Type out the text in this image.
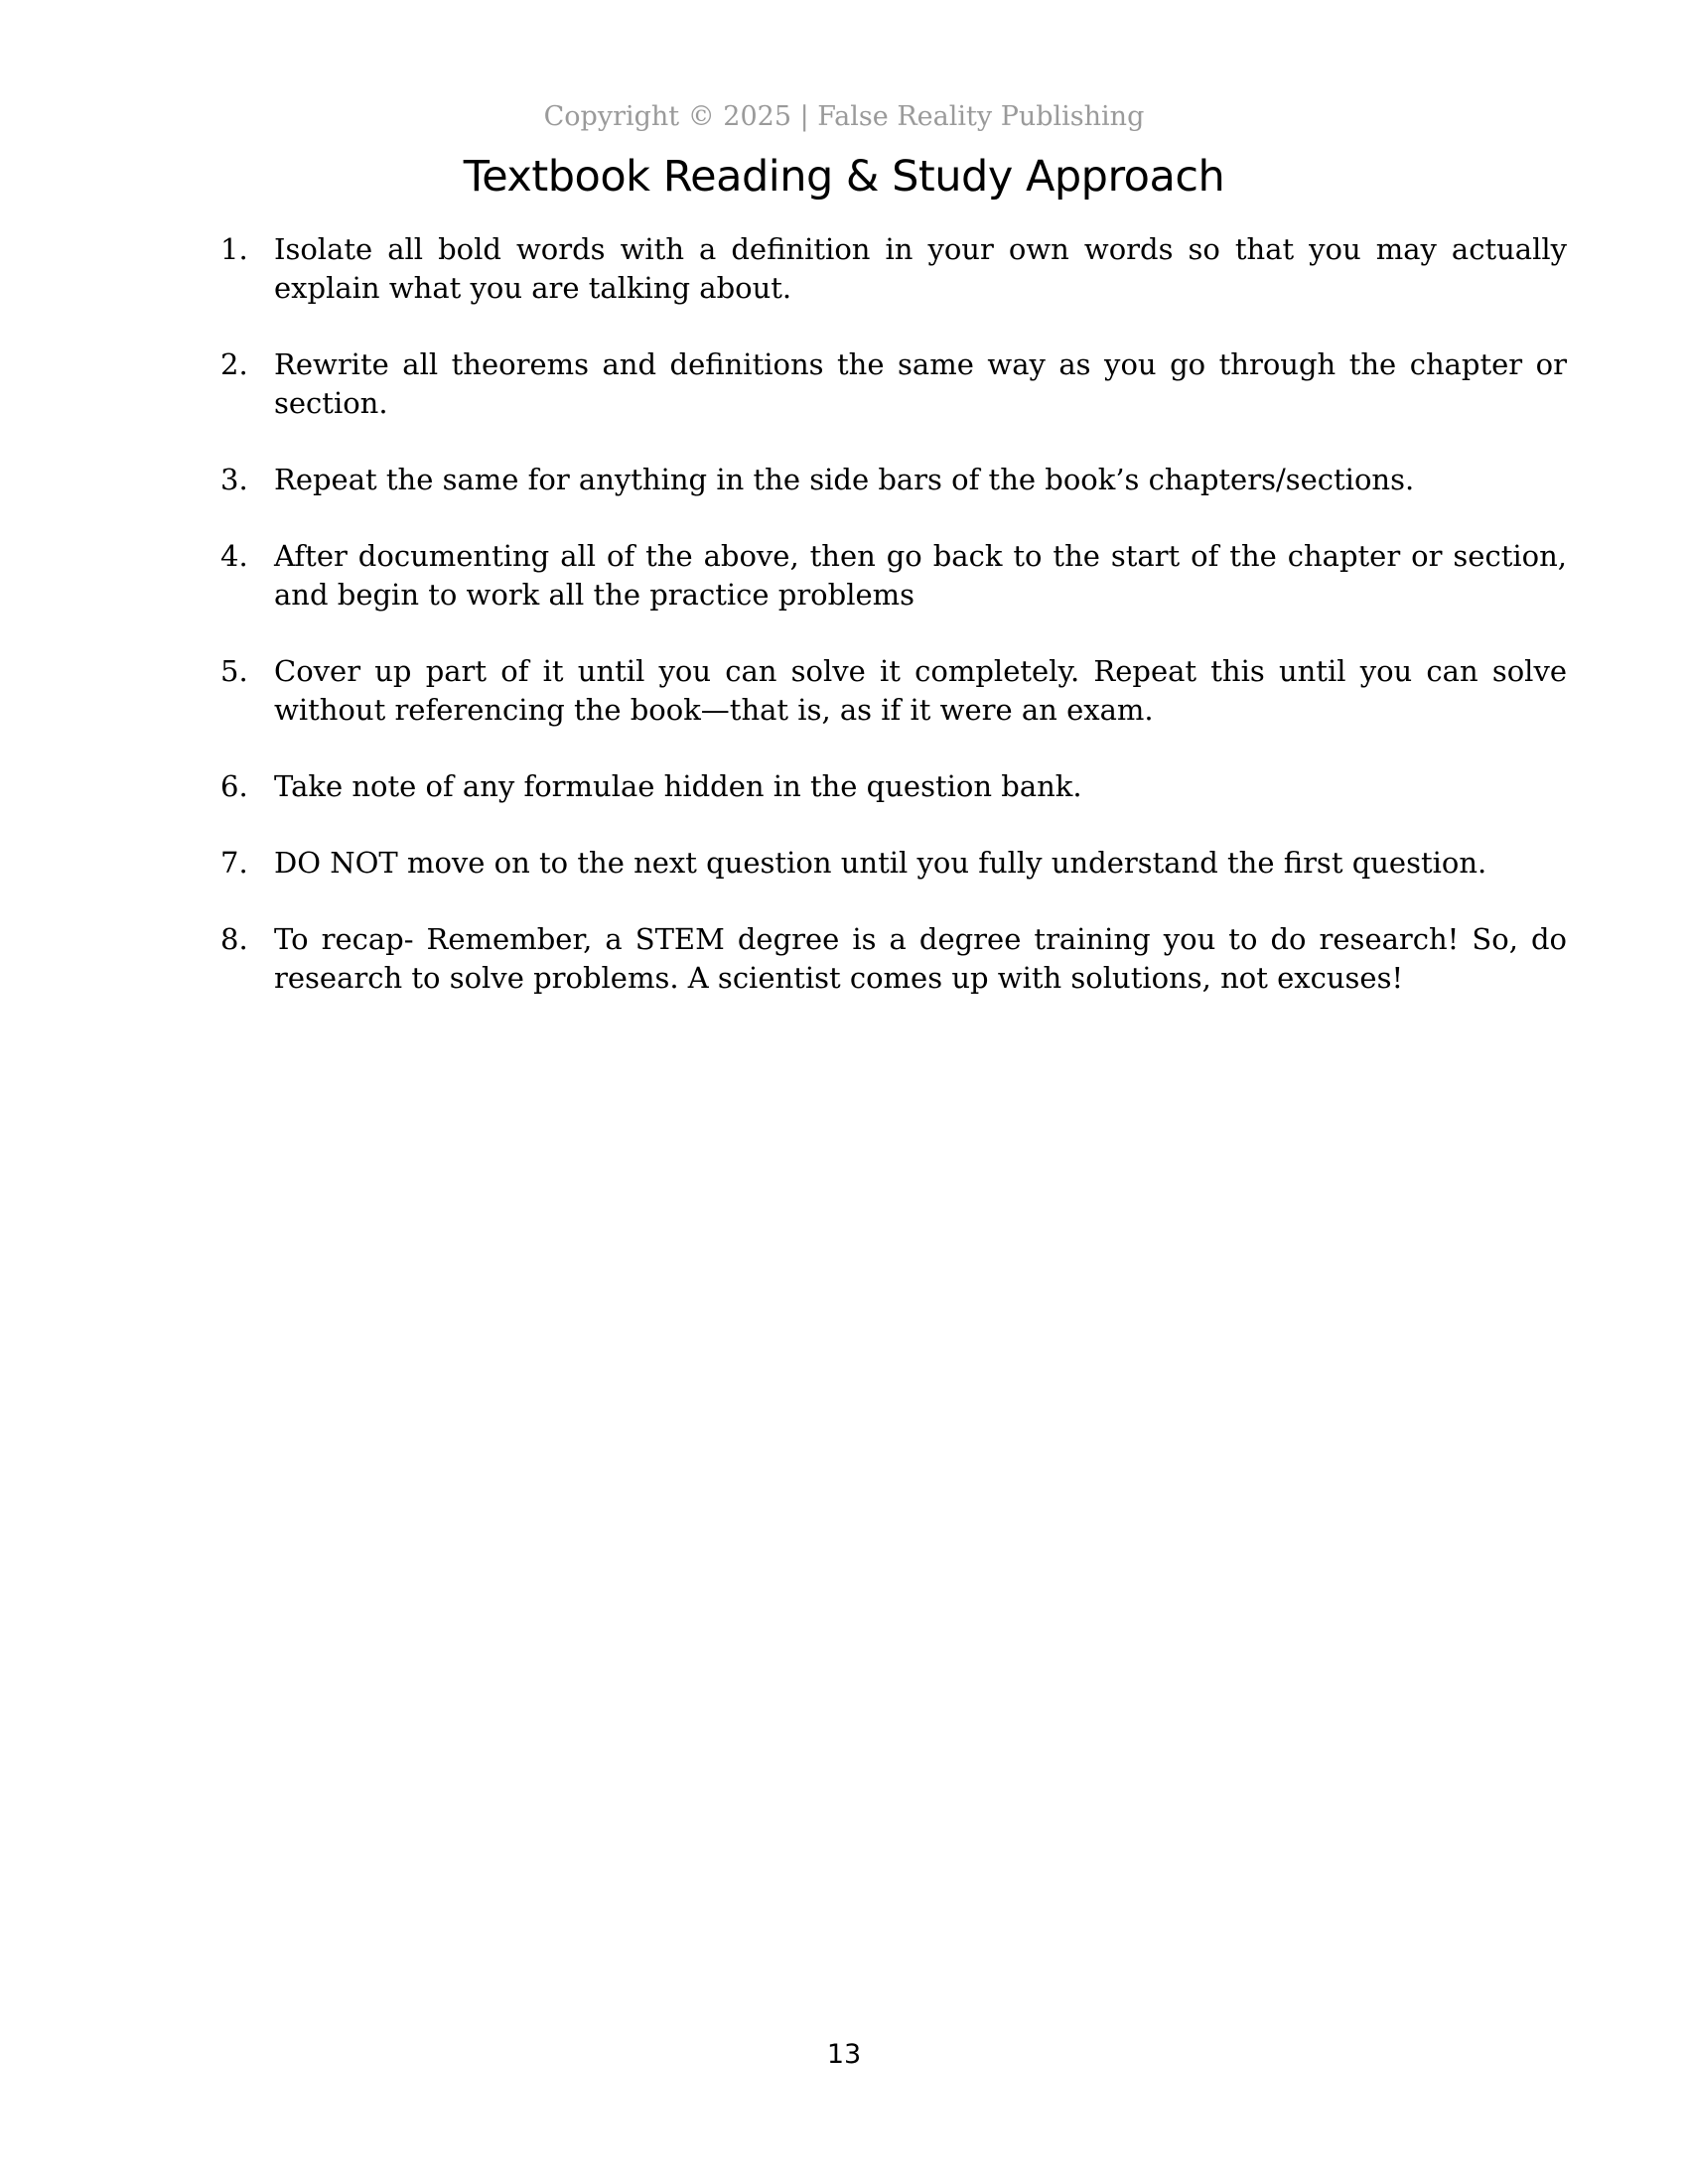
Copyright © 2025 | False Reality Publishing
Textbook Reading & Study Approach
1. Isolate all bold words with a definition in your own words so that you may actually explain what you are talking about.
2. Rewrite all theorems and definitions the same way as you go through the chapter or section.
3. Repeat the same for anything in the side bars of the book’s chapters/sections.
4. After documenting all of the above, then go back to the start of the chapter or section, and begin to work all the practice problems
5. Cover up part of it until you can solve it completely. Repeat this until you can solve without referencing the book—that is, as if it were an exam.
6. Take note of any formulae hidden in the question bank.
7. DO NOT move on to the next question until you fully understand the first question.
8. To recap- Remember, a STEM degree is a degree training you to do research! So, do research to solve problems. A scientist comes up with solutions, not excuses!
13
